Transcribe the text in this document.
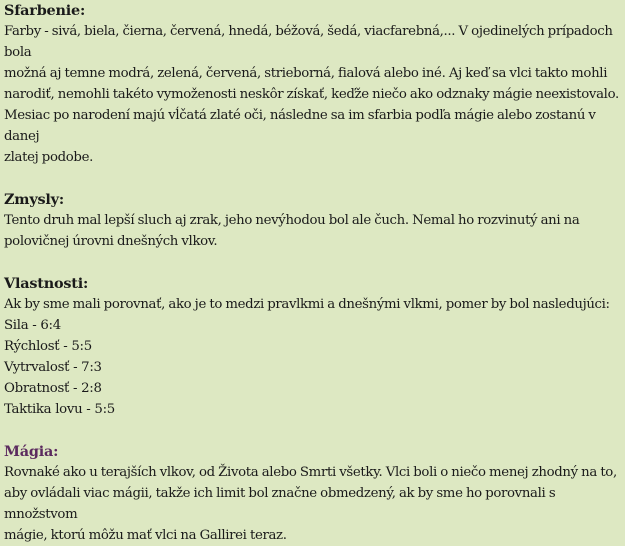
Sfarbenie:

Farby - sivá, biela, čierna, červená, hnedá, béžová, šedá, viacfarebná,... V ojedinelých prípadoch bola

možná aj temne modrá, zelená, červená, strieborná, fialová alebo iné. Aj keď sa vlci takto mohli

narodiť, nemohli takéto vymoženosti neskôr získať, keďže niečo ako odznaky mágie neexistovalo.

Mesiac po narodení majú vĺčatá zlaté oči, následne sa im sfarbia podľa mágie alebo zostanú v danej

zlatej podobe.

Zmysly:

Tento druh mal lepší sluch aj zrak, jeho nevýhodou bol ale čuch. Nemal ho rozvinutý ani na

polovičnej úrovni dnešných vlkov.

Vlastnosti:

Ak by sme mali porovnať, ako je to medzi pravlkmi a dnešnými vlkmi, pomer by bol nasledujúci:

Sila - 6:4

Rýchlosť - 5:5

Vytrvalosť - 7:3

Obratnosť - 2:8

Taktika lovu - 5:5

Mágia:

Rovnaké ako u terajších vlkov, od Života alebo Smrti všetky. Vlci boli o niečo menej zhodný na to,

aby ovládali viac mágii, takže ich limit bol značne obmedzený, ak by sme ho porovnali s množstvom

mágie, ktorú môžu mať vlci na Gallirei teraz.
